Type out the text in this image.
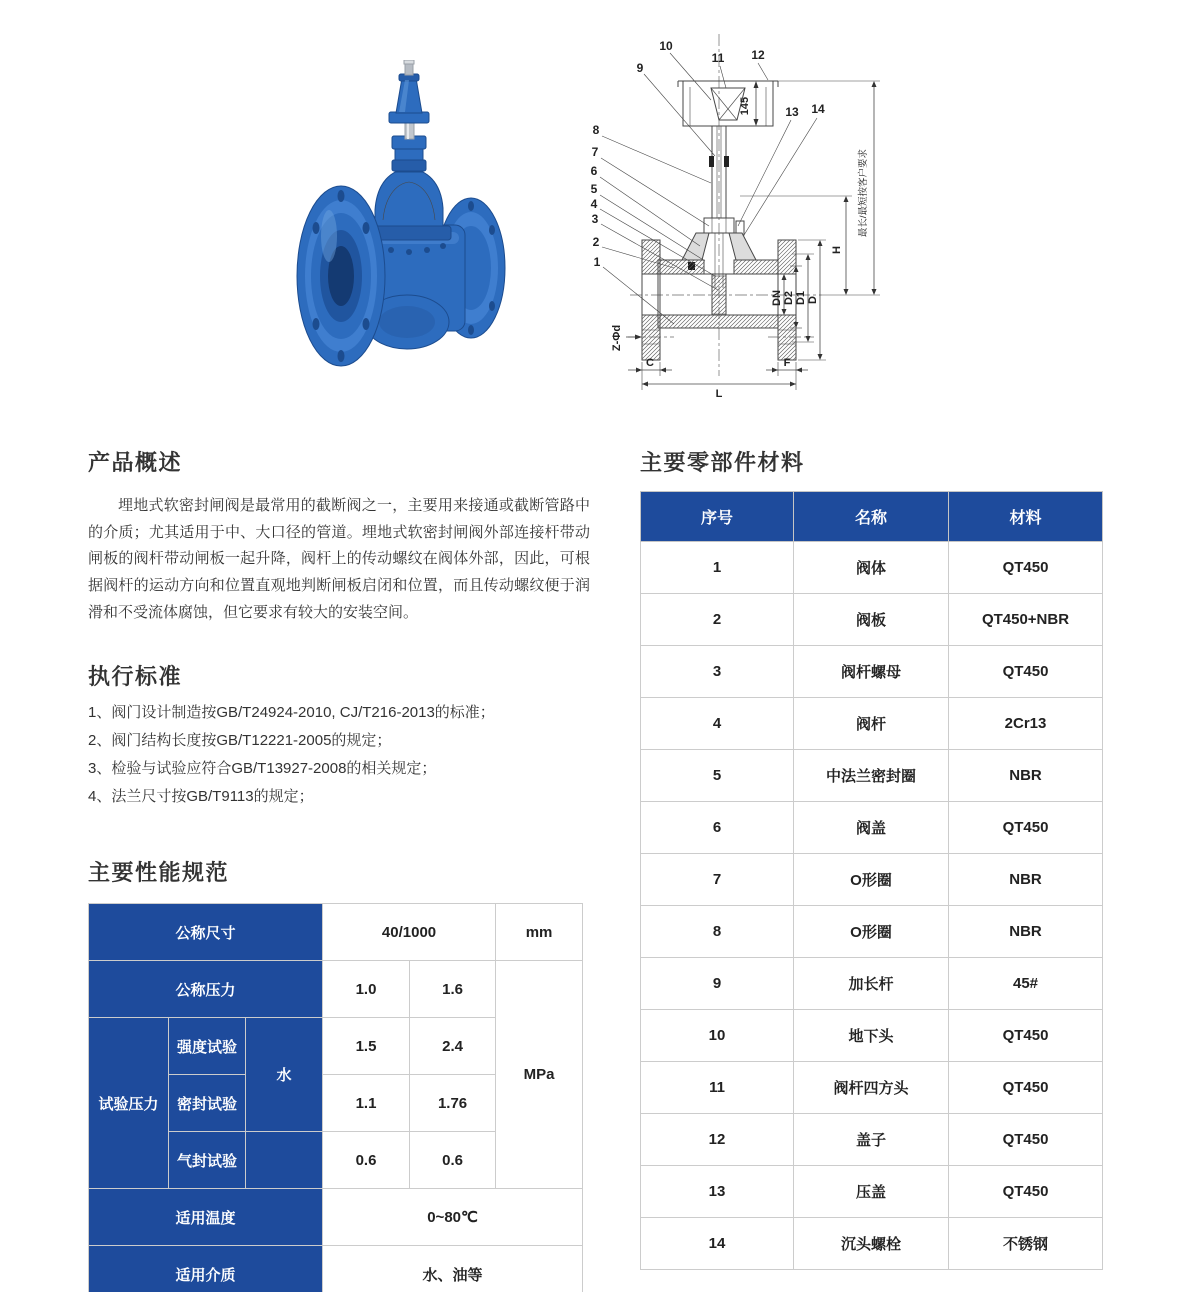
9
10
11 12
13 14
8
7
6
5
4
3
2
1
145
DN D2 D1 D
H
最长/最短按客户要求
Z-Φd
C	F
L
产品概述

埋地式软密封闸阀是最常用的截断阀之一，主要用来接通或截断管路中的介质；尤其适用于中、大口径的管道。埋地式软密封闸阀外部连接杆带动闸板的阀杆带动闸板一起升降，阀杆上的传动螺纹在阀体外部，因此，可根据阀杆的运动方向和位置直观地判断闸板启闭和位置，而且传动螺纹便于润滑和不受流体腐蚀，但它要求有较大的安装空间。

执行标准
1、阀门设计制造按GB/T24924-2010, CJ/T216-2013的标准；
2、阀门结构长度按GB/T12221-2005的规定；
3、检验与试验应符合GB/T13927-2008的相关规定；
4、法兰尺寸按GB/T9113的规定；
主要性能规范
公称尺寸			40/1000		mm
公称压力			1.0	1.6	MPa
试验压力	强度试验	水	1.5	2.4	
	密封试验		1.1	1.76	
	气封试验		0.6	0.6	
适用温度			0~80℃		
适用介质			水、油等		
主要零部件材料
序号	名称	材料
1	阀体	QT450
2	阀板	QT450+NBR
3	阀杆螺母	QT450
4	阀杆	2Cr13
5	中法兰密封圈	NBR
6	阀盖	QT450
7	O形圈	NBR
8	O形圈	NBR
9	加长杆	45#
10	地下头	QT450
11	阀杆四方头	QT450
12	盖子	QT450
13	压盖	QT450
14	沉头螺栓	不锈钢
